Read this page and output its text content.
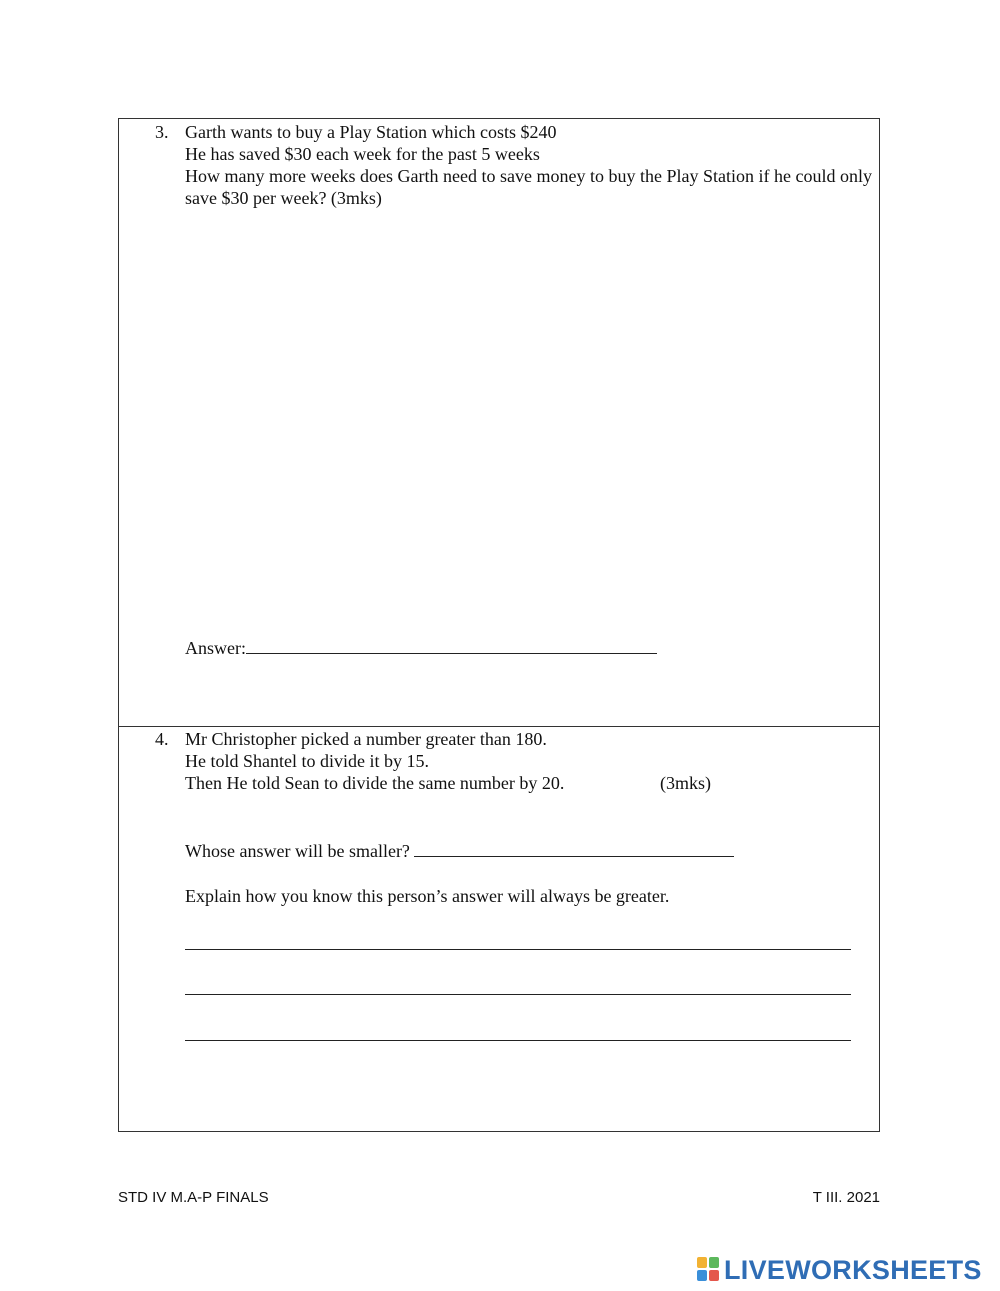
3. Garth wants to buy a Play Station which costs $240
He has saved $30 each week for the past 5 weeks
How many more weeks does Garth need to save money to buy the Play Station if he could only save $30 per week? (3mks)
Answer:
4. Mr Christopher picked a number greater than 180.
He told Shantel to divide it by 15.
Then He told Sean to divide the same number by 20.	(3mks)
Whose answer will be smaller?
Explain how you know this person’s answer will always be greater.
STD IV M.A-P FINALS	T III. 2021
LIVEWORKSHEETS
